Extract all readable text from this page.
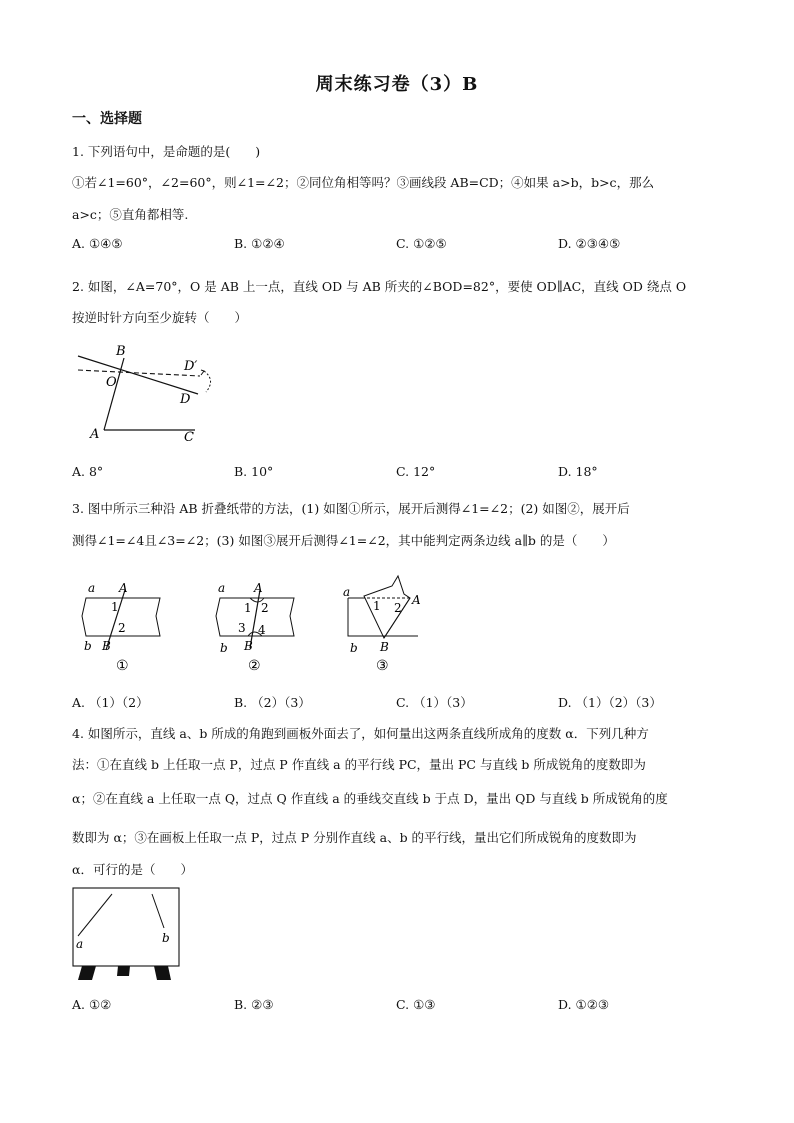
周末练习卷（3）B
一、选择题
1. 下列语句中，是命题的是(　　)
①若∠1=60°，∠2=60°，则∠1=∠2；②同位角相等吗？③画线段 AB=CD；④如果 a>b，b>c，那么
a>c；⑤直角都相等.
A. ①④⑤	B. ①②④	C. ①②⑤	D. ②③④⑤
2. 如图，∠A=70°，O 是 AB 上一点，直线 OD 与 AB 所夹的∠BOD=82°，要使 OD∥AC，直线 OD 绕点 O
按逆时针方向至少旋转（　　）
B
O
D′
D
A	C
A. 8°	B. 10°	C. 12°	D. 18°
3. 图中所示三种沿 AB 折叠纸带的方法，(1) 如图①所示，展开后测得∠1=∠2；(2) 如图②，展开后
测得∠1=∠4且∠3=∠2；(3) 如图③展开后测得∠1=∠2，其中能判定两条边线 a∥b 的是（　　）
a A
1
2
b B
①
a A
1 2
3 4
b B
②
a
1 2
A
b B
③
A. （1）（2）	B. （2）（3）	C. （1）（3）	D. （1）（2）（3）
4. 如图所示，直线 a、b 所成的角跑到画板外面去了，如何量出这两条直线所成角的度数 α．下列几种方
法：①在直线 b 上任取一点 P，过点 P 作直线 a 的平行线 PC，量出 PC 与直线 b 所成锐角的度数即为
α；②在直线 a 上任取一点 Q，过点 Q 作直线 a 的垂线交直线 b 于点 D，量出 QD 与直线 b 所成锐角的度
数即为 α；③在画板上任取一点 P，过点 P 分别作直线 a、b 的平行线，量出它们所成锐角的度数即为
α．可行的是（　　）
a	b
A. ①②	B. ②③	C. ①③	D. ①②③
